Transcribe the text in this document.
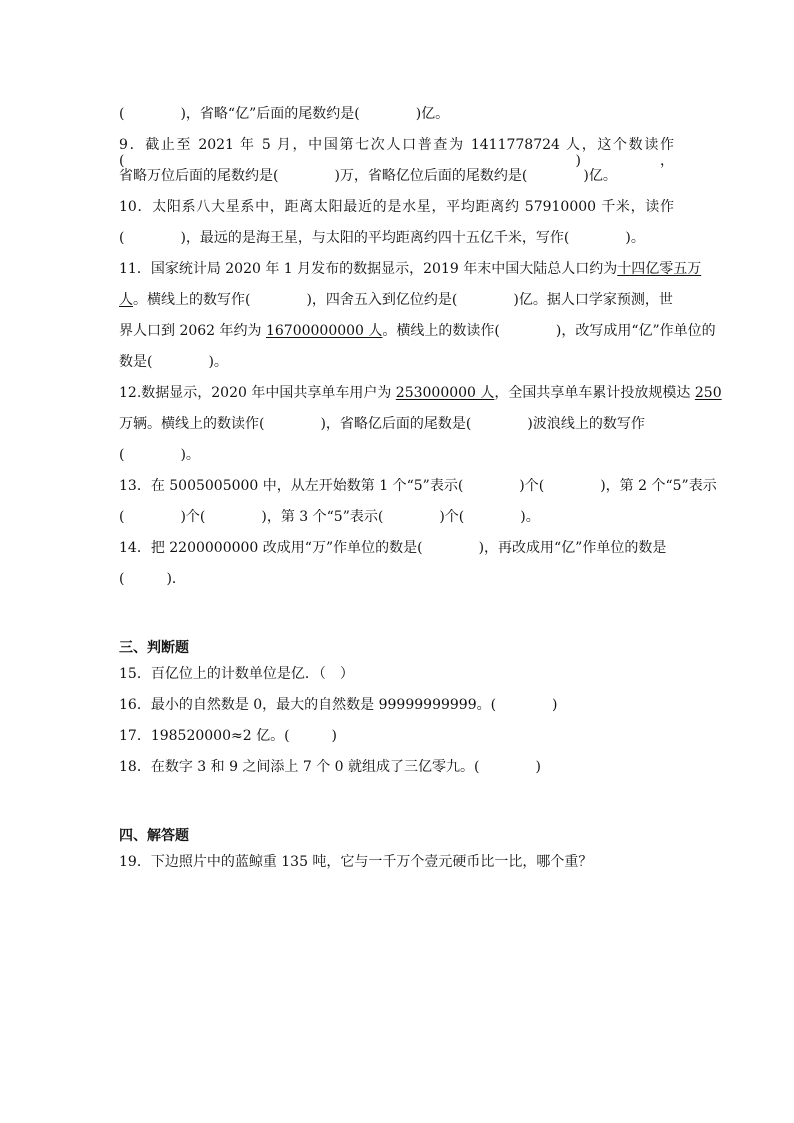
(　　　　)，省略“亿”后面的尾数约是(　　　　)亿。
9．截止至 2021 年 5 月，中国第七次人口普查为 1411778724 人，这个数读作(　　　　)，
省略万位后面的尾数约是(　　　　)万，省略亿位后面的尾数约是(　　　　)亿。
10．太阳系八大星系中，距离太阳最近的是水星，平均距离约 57910000 千米，读作
(　　　　)，最远的是海王星，与太阳的平均距离约四十五亿千米，写作(　　　　)。
11．国家统计局 2020 年 1 月发布的数据显示，2019 年末中国大陆总人口约为十四亿零五万
人。横线上的数写作(　　　　)，四舍五入到亿位约是(　　　　)亿。据人口学家预测，世
界人口到 2062 年约为 16700000000 人。横线上的数读作(　　　　)，改写成用“亿”作单位的
数是(　　　　)。
12.数据显示，2020 年中国共享单车用户为 253000000 人，全国共享单车累计投放规模达 250
万辆。横线上的数读作(　　　　)，省略亿后面的尾数是(　　　　)波浪线上的数写作
(　　　　)。
13．在 5005005000 中，从左开始数第 1 个“5”表示(　　　　)个(　　　　)，第 2 个“5”表示
(　　　　)个(　　　　)，第 3 个“5”表示(　　　　)个(　　　　)。
14．把 2200000000 改成用“万”作单位的数是(　　　　)，再改成用“亿”作单位的数是
(　　　)．
三、判断题
15．百亿位上的计数单位是亿．（　）
16．最小的自然数是 0，最大的自然数是 99999999999。(　　　　)
17．198520000≈2 亿。(　　　)
18．在数字 3 和 9 之间添上 7 个 0 就组成了三亿零九。(　　　　)
四、解答题
19．下边照片中的蓝鲸重 135 吨，它与一千万个壹元硬币比一比，哪个重？
